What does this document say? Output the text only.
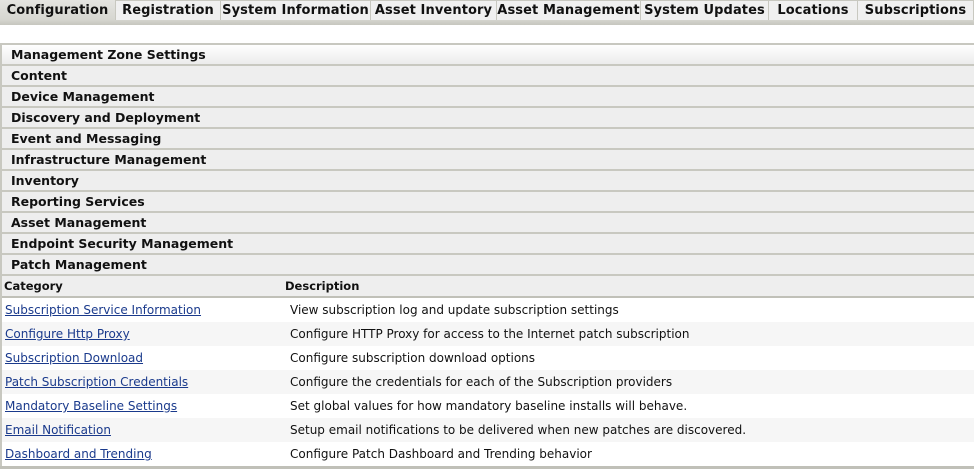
Configuration	Registration System Information Asset Inventory Asset Management System Updates Locations	Subscriptions
Management Zone Settings
Content
Device Management
Discovery and Deployment
Event and Messaging
Infrastructure Management
Inventory
Reporting Services
Asset Management
Endpoint Security Management
Patch Management
Category Description	
Subscription Service Information	View subscription log and update subscription settings
Configure Http Proxy	Configure HTTP Proxy for access to the Internet patch subscription
Subscription Download	Configure subscription download options
Patch Subscription Credentials	Configure the credentials for each of the Subscription providers
Mandatory Baseline Settings	Set global values for how mandatory baseline installs will behave.
Email Notification	Setup email notifications to be delivered when new patches are discovered.
Dashboard and Trending	Configure Patch Dashboard and Trending behavior
